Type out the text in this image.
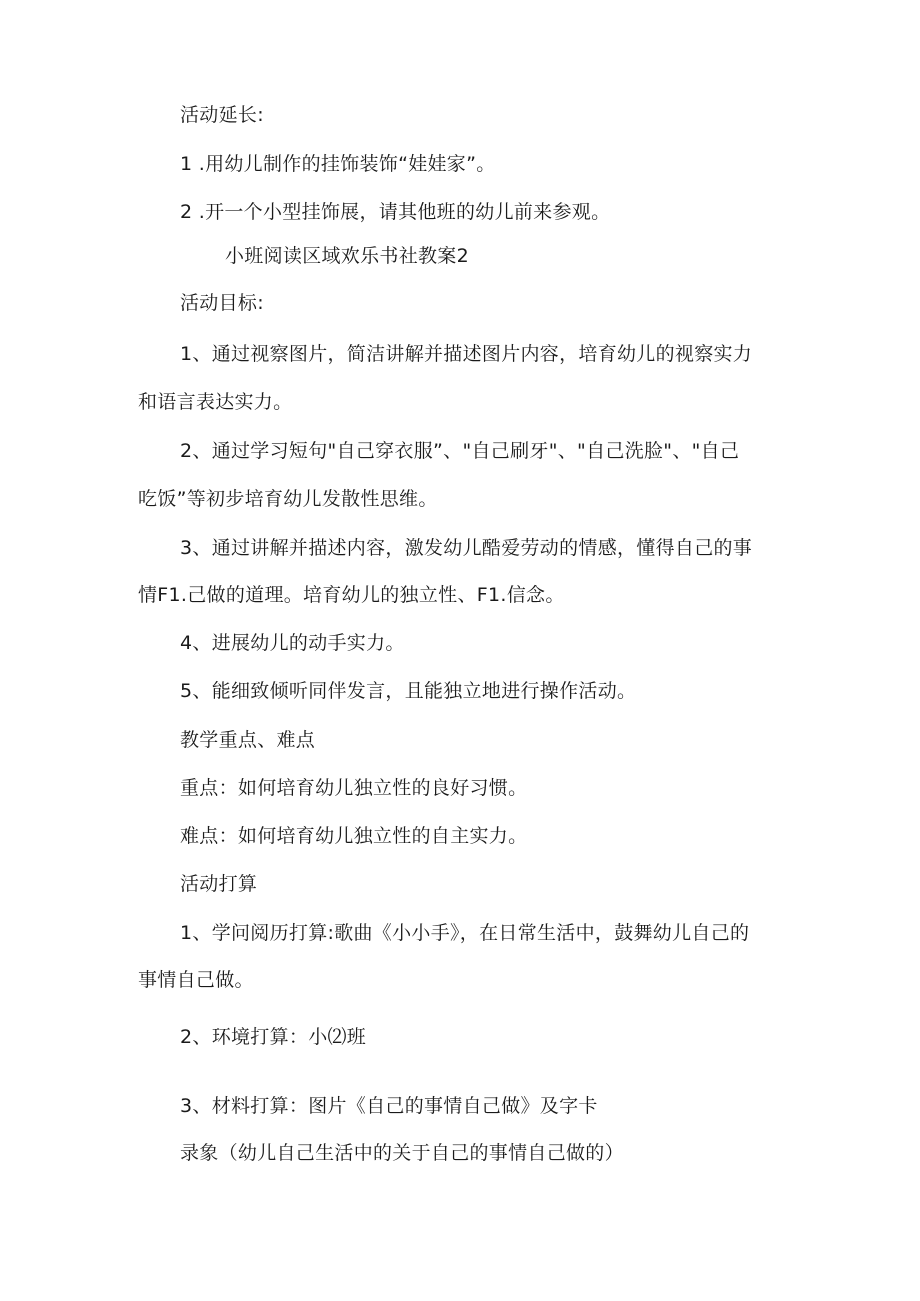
活动延长:
1 .用幼儿制作的挂饰装饰“娃娃家”。
2 .开一个小型挂饰展，请其他班的幼儿前来参观。
小班阅读区域欢乐书社教案2
活动目标:
1、通过视察图片，简洁讲解并描述图片内容，培育幼儿的视察实力
和语言表达实力。
2、通过学习短句"自己穿衣服”、"自己刷牙"、"自己洗脸"、"自己
吃饭”等初步培育幼儿发散性思维。
3、通过讲解并描述内容，激发幼儿酷爱劳动的情感，懂得自己的事
情F1.己做的道理。培育幼儿的独立性、F1.信念。
4、进展幼儿的动手实力。
5、能细致倾听同伴发言，且能独立地进行操作活动。
教学重点、难点
重点：如何培育幼儿独立性的良好习惯。
难点：如何培育幼儿独立性的自主实力。
活动打算
1、学问阅历打算:歌曲《小小手》，在日常生活中，鼓舞幼儿自己的
事情自己做。
2、环境打算：小⑵班
3、材料打算：图片《自己的事情自己做》及字卡
录象（幼儿自己生活中的关于自己的事情自己做的）
